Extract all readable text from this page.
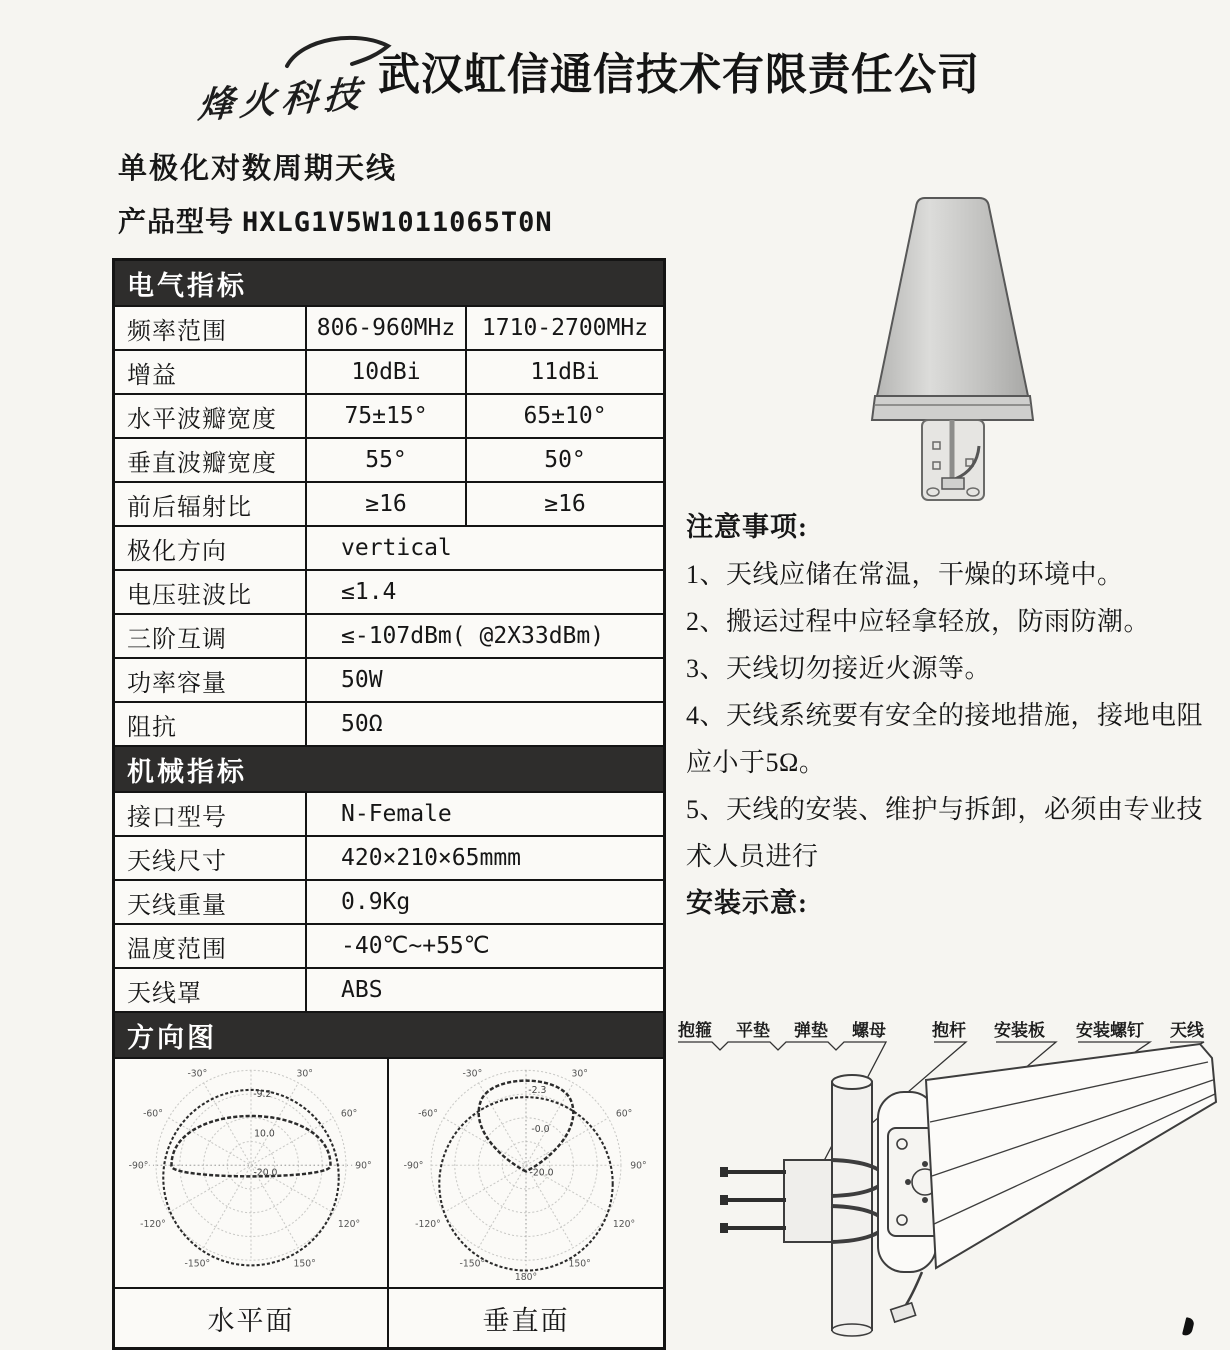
烽火科技 武汉虹信通信技术有限责任公司
单极化对数周期天线
产品型号 HXLG1V5W1011065T0N
电气指标
频率范围	806-960MHz	1710-2700MHz
增益	10dBi	11dBi
水平波瓣宽度	75±15°	65±10°
垂直波瓣宽度	55°	50°
前后辐射比	≥16	≥16
极化方向	vertical
电压驻波比	≤1.4
三阶互调	≤-107dBm( @2X33dBm)
功率容量	50W
阻抗	50Ω
机械指标
接口型号	N-Female
天线尺寸	420×210×65mmm
天线重量	0.9Kg
温度范围	-40℃~+55℃
天线罩	ABS
方向图
-30°	30°
-60°	60°
-90°	90°
-120°	120°
-150°	150°
-9.2
10.0
-20.0
-30°	30°
-60°	60°
-90°	90°
-120°	120°
-150°	150°
180°
-2.3
-0.0
-20.0
水平面	垂直面
注意事项:
1、天线应储在常温，干燥的环境中。
2、搬运过程中应轻拿轻放，防雨防潮。
3、天线切勿接近火源等。
4、天线系统要有安全的接地措施，接地电阻应小于5Ω。
5、天线的安装、维护与拆卸，必须由专业技术人员进行
安装示意:
抱箍 平垫 弹垫 螺母	抱杆 安装板 安装螺钉 天线
